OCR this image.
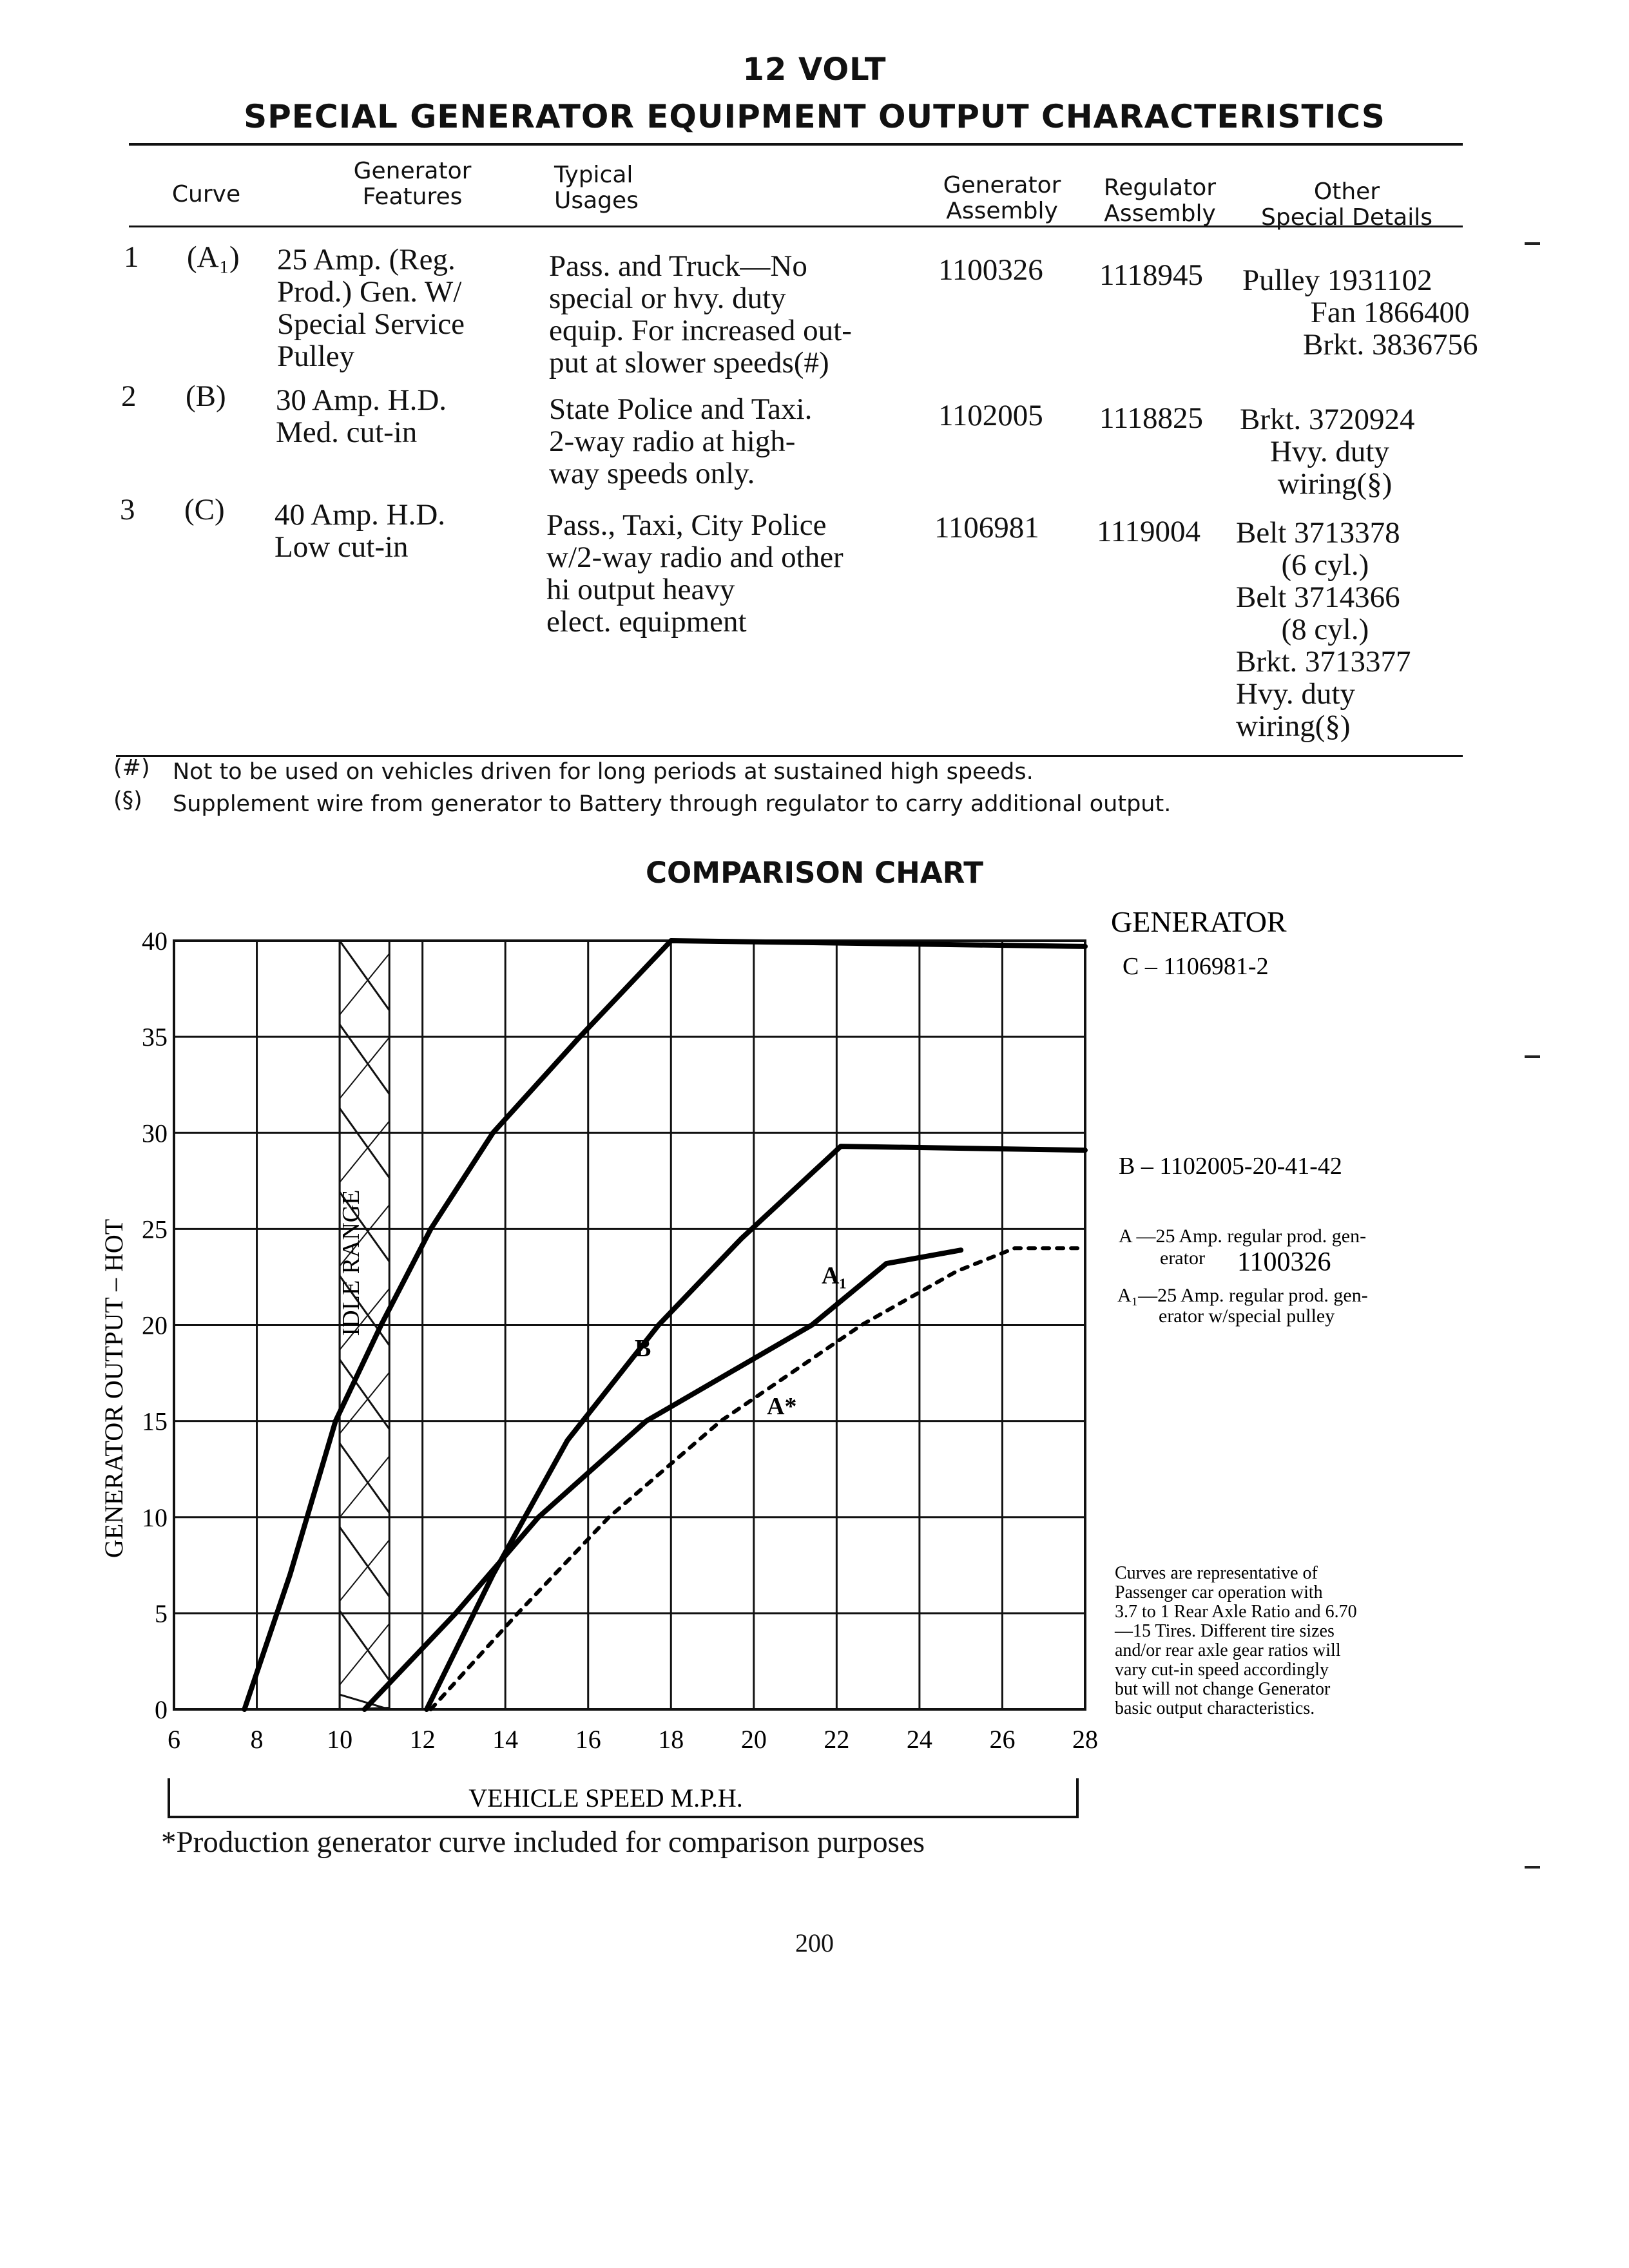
12 VOLT
SPECIAL GENERATOR EQUIPMENT OUTPUT CHARACTERISTICS
Curve
Generator
Features
Typical
Usages
Generator
Assembly
Regulator
Assembly
Other
Special Details
1 (A₁) 25 Amp. (Reg.
Prod.) Gen. W/
Special Service
Pulley
Pass. and Truck—No
special or hvy. duty
equip. For increased out-
put at slower speeds(#)
1100326 1118945 Pulley 1931102
Fan 1866400
Brkt. 3836756
2 (B) 30 Amp. H.D.
Med. cut-in
State Police and Taxi.
2-way radio at high-
way speeds only.
1102005 1118825 Brkt. 3720924
Hvy. duty
wiring(§)
3 (C) 40 Amp. H.D.
Low cut-in
Pass., Taxi, City Police
w/2-way radio and other
hi output heavy
elect. equipment
1106981 1119004 Belt 3713378
(6 cyl.)
Belt 3714366
(8 cyl.)
Brkt. 3713377
Hvy. duty
wiring(§)
(#) Not to be used on vehicles driven for long periods at sustained high speeds.
(§) Supplement wire from generator to Battery through regulator to carry additional output.
COMPARISON CHART
6	8 10 12 14 16 18 20 22 24 26 28
0
5
10
15
20
25
30
35
40
GENERATOR OUTPUT – HOT
VEHICLE SPEED M.P.H.
IDLE RANGE
B
A₁
A*
GENERATOR
C – 1106981-2
B – 1102005-20-41-42
A —25 Amp. regular prod. gen-
erator 1100326
A₁—25 Amp. regular prod. gen-
erator w/special pulley
Curves are representative of
Passenger car operation with
3.7 to 1 Rear Axle Ratio and 6.70
—15 Tires. Different tire sizes
and/or rear axle gear ratios will
vary cut-in speed accordingly
but will not change Generator
basic output characteristics.
*Production generator curve included for comparison purposes
200
